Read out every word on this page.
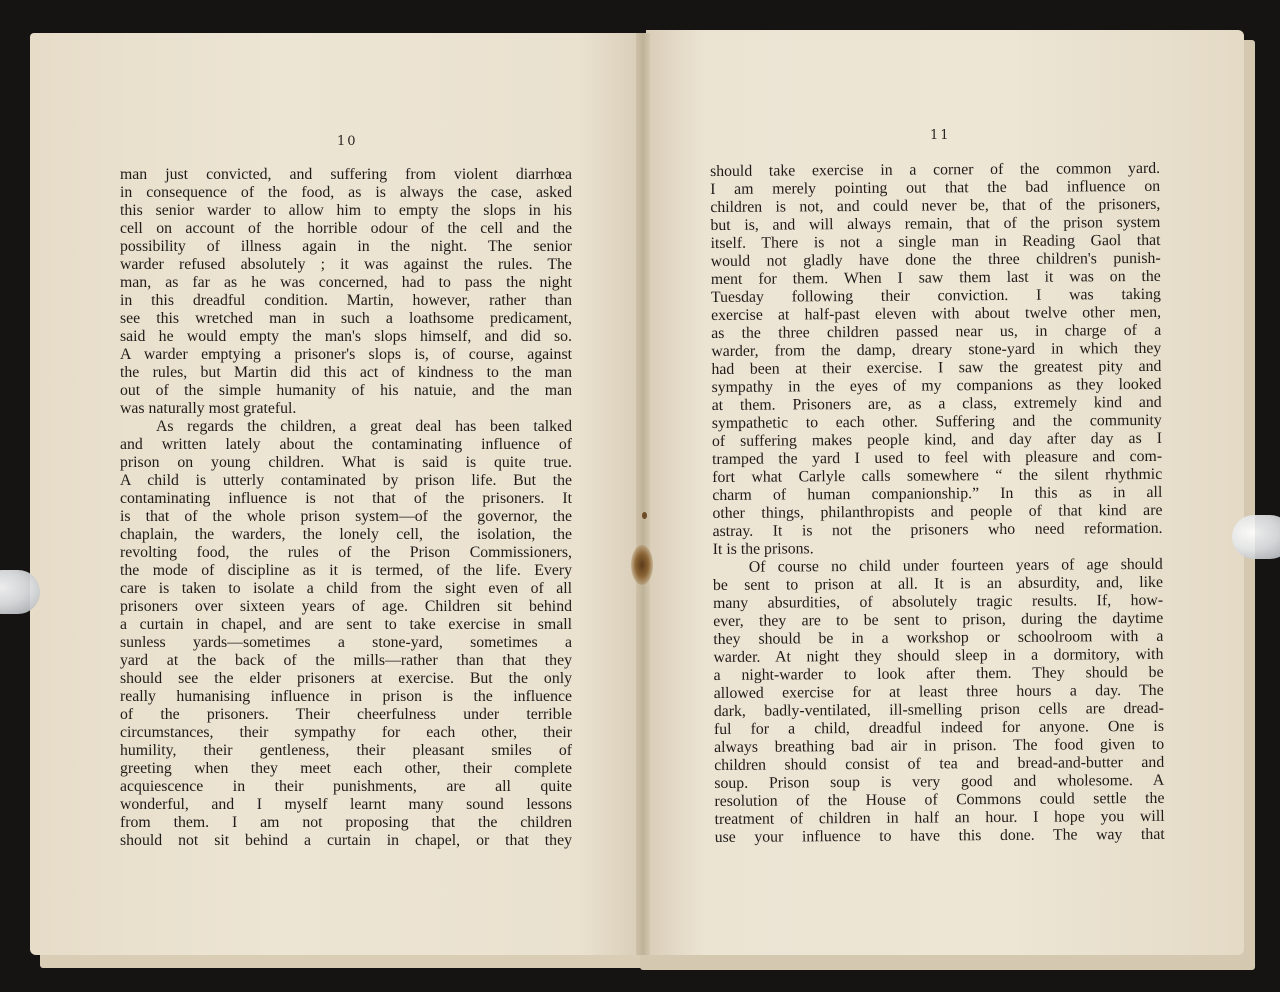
10	11
man just convicted, and suffering from violent diarrhœa
in consequence of the food, as is always the case, asked
this senior warder to allow him to empty the slops in his
cell on account of the horrible odour of the cell and the
possibility of illness again in the night. The senior
warder refused absolutely ; it was against the rules. The
man, as far as he was concerned, had to pass the night
in this dreadful condition. Martin, however, rather than
see this wretched man in such a loathsome predicament,
said he would empty the man's slops himself, and did so.
A warder emptying a prisoner's slops is, of course, against
the rules, but Martin did this act of kindness to the man
out of the simple humanity of his natuie, and the man
was naturally most grateful.
As regards the children, a great deal has been talked
and written lately about the contaminating influence of
prison on young children. What is said is quite true.
A child is utterly contaminated by prison life. But the
contaminating influence is not that of the prisoners. It
is that of the whole prison system—of the governor, the
chaplain, the warders, the lonely cell, the isolation, the
revolting food, the rules of the Prison Commissioners,
the mode of discipline as it is termed, of the life. Every
care is taken to isolate a child from the sight even of all
prisoners over sixteen years of age. Children sit behind
a curtain in chapel, and are sent to take exercise in small
sunless yards—sometimes a stone-yard, sometimes a
yard at the back of the mills—rather than that they
should see the elder prisoners at exercise. But the only
really humanising influence in prison is the influence
of the prisoners. Their cheerfulness under terrible
circumstances, their sympathy for each other, their
humility, their gentleness, their pleasant smiles of
greeting when they meet each other, their complete
acquiescence in their punishments, are all quite
wonderful, and I myself learnt many sound lessons
from them. I am not proposing that the children
should not sit behind a curtain in chapel, or that they
should take exercise in a corner of the common yard.
I am merely pointing out that the bad influence on
children is not, and could never be, that of the prisoners,
but is, and will always remain, that of the prison system
itself. There is not a single man in Reading Gaol that
would not gladly have done the three children's punish-
ment for them. When I saw them last it was on the
Tuesday following their conviction. I was taking
exercise at half-past eleven with about twelve other men,
as the three children passed near us, in charge of a
warder, from the damp, dreary stone-yard in which they
had been at their exercise. I saw the greatest pity and
sympathy in the eyes of my companions as they looked
at them. Prisoners are, as a class, extremely kind and
sympathetic to each other. Suffering and the community
of suffering makes people kind, and day after day as I
tramped the yard I used to feel with pleasure and com-
fort what Carlyle calls somewhere “ the silent rhythmic
charm of human companionship.” In this as in all
other things, philanthropists and people of that kind are
astray. It is not the prisoners who need reformation.
It is the prisons.
Of course no child under fourteen years of age should
be sent to prison at all. It is an absurdity, and, like
many absurdities, of absolutely tragic results. If, how-
ever, they are to be sent to prison, during the daytime
they should be in a workshop or schoolroom with a
warder. At night they should sleep in a dormitory, with
a night-warder to look after them. They should be
allowed exercise for at least three hours a day. The
dark, badly-ventilated, ill-smelling prison cells are dread-
ful for a child, dreadful indeed for anyone. One is
always breathing bad air in prison. The food given to
children should consist of tea and bread-and-butter and
soup. Prison soup is very good and wholesome. A
resolution of the House of Commons could settle the
treatment of children in half an hour. I hope you will
use your influence to have this done. The way that
